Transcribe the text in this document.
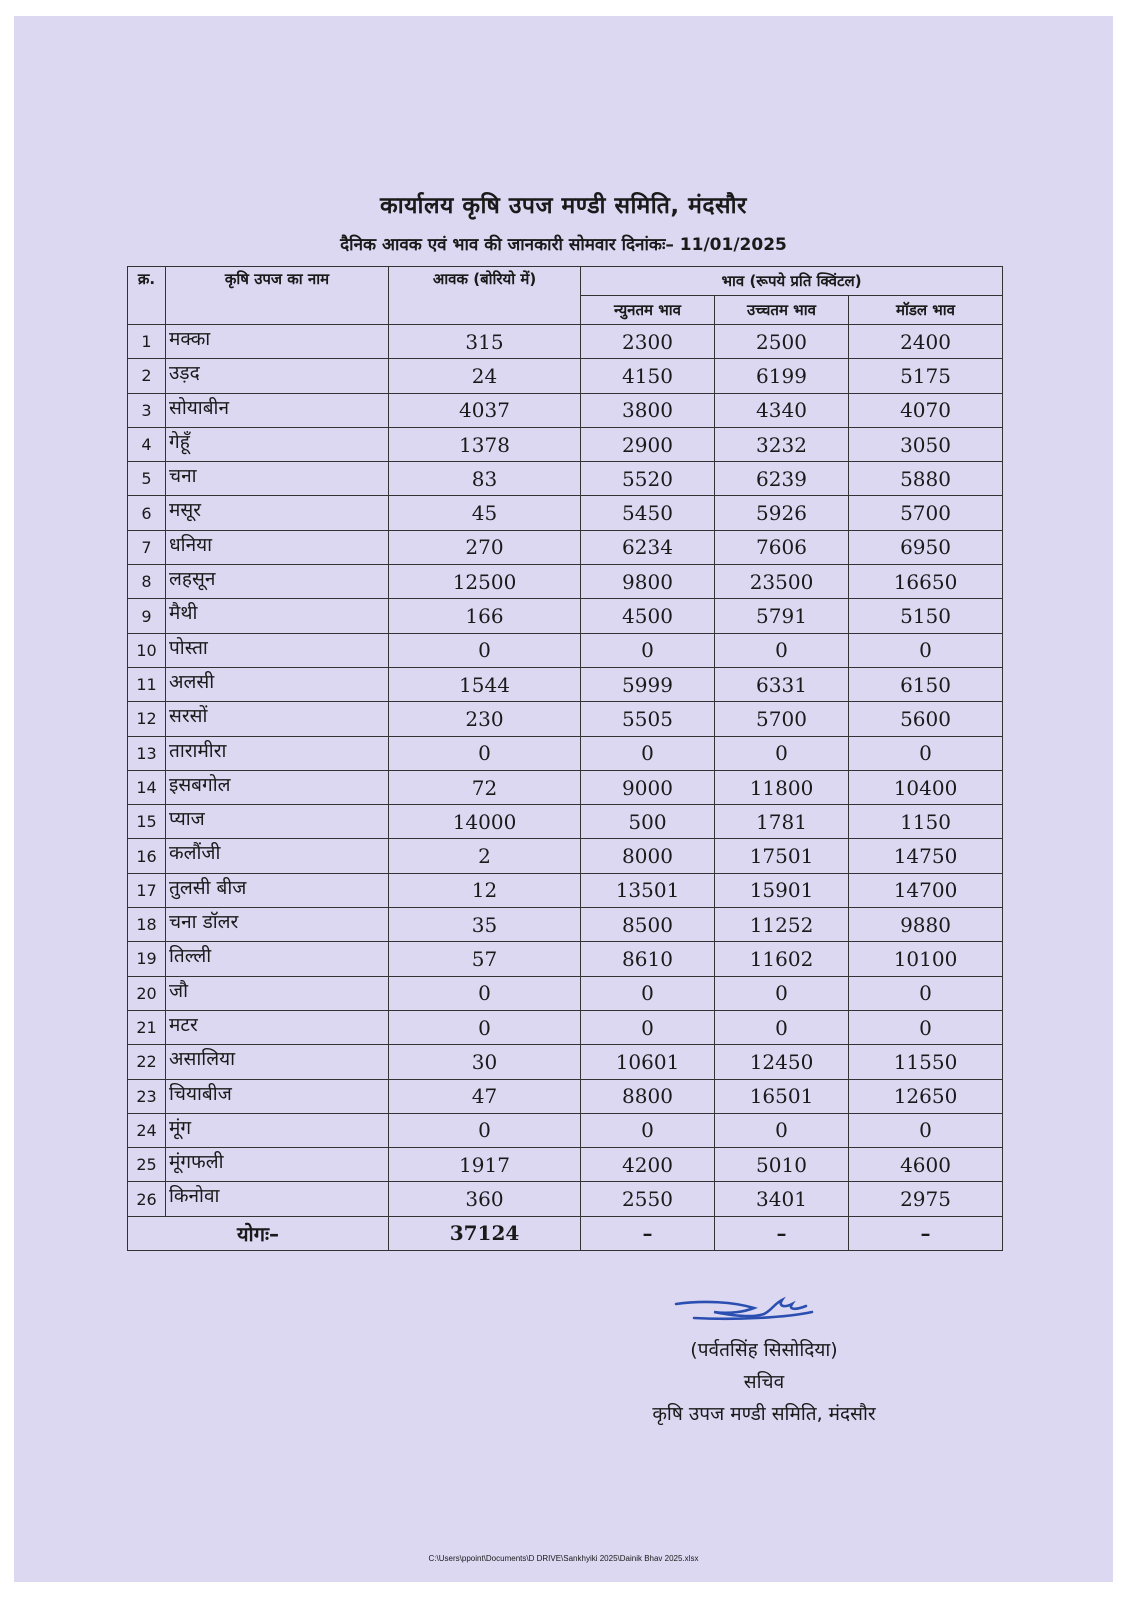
कार्यालय कृषि उपज मण्डी समिति, मंदसौर
दैनिक आवक एवं भाव की जानकारी सोमवार दिनांकः– 11/01/2025
क्र.	कृषि उपज का नाम	आवक (बोरियो में)	भाव (रूपये प्रति क्विंटल)		
			न्युनतम भाव	उच्चतम भाव	मॉडल भाव
1	मक्का	315	2300	2500	2400
2	उड़द	24	4150	6199	5175
3	सोयाबीन	4037	3800	4340	4070
4	गेहूँ	1378	2900	3232	3050
5	चना	83	5520	6239	5880
6	मसूर	45	5450	5926	5700
7	धनिया	270	6234	7606	6950
8	लहसून	12500	9800	23500	16650
9	मैथी	166	4500	5791	5150
10	पोस्ता	0	0	0	0
11	अलसी	1544	5999	6331	6150
12	सरसों	230	5505	5700	5600
13	तारामीरा	0	0	0	0
14	इसबगोल	72	9000	11800	10400
15	प्याज	14000	500	1781	1150
16	कलौंजी	2	8000	17501	14750
17	तुलसी बीज	12	13501	15901	14700
18	चना डॉलर	35	8500	11252	9880
19	तिल्ली	57	8610	11602	10100
20	जौ	0	0	0	0
21	मटर	0	0	0	0
22	असालिया	30	10601	12450	11550
23	चियाबीज	47	8800	16501	12650
24	मूंग	0	0	0	0
25	मूंगफली	1917	4200	5010	4600
26	किनोवा	360	2550	3401	2975
योगः–		37124	–	–	–
(पर्वतसिंह सिसोदिया)
सचिव
कृषि उपज मण्डी समिति, मंदसौर
C:\Users\ppoint\Documents\D DRIVE\Sankhyiki 2025\Dainik Bhav 2025.xlsx
